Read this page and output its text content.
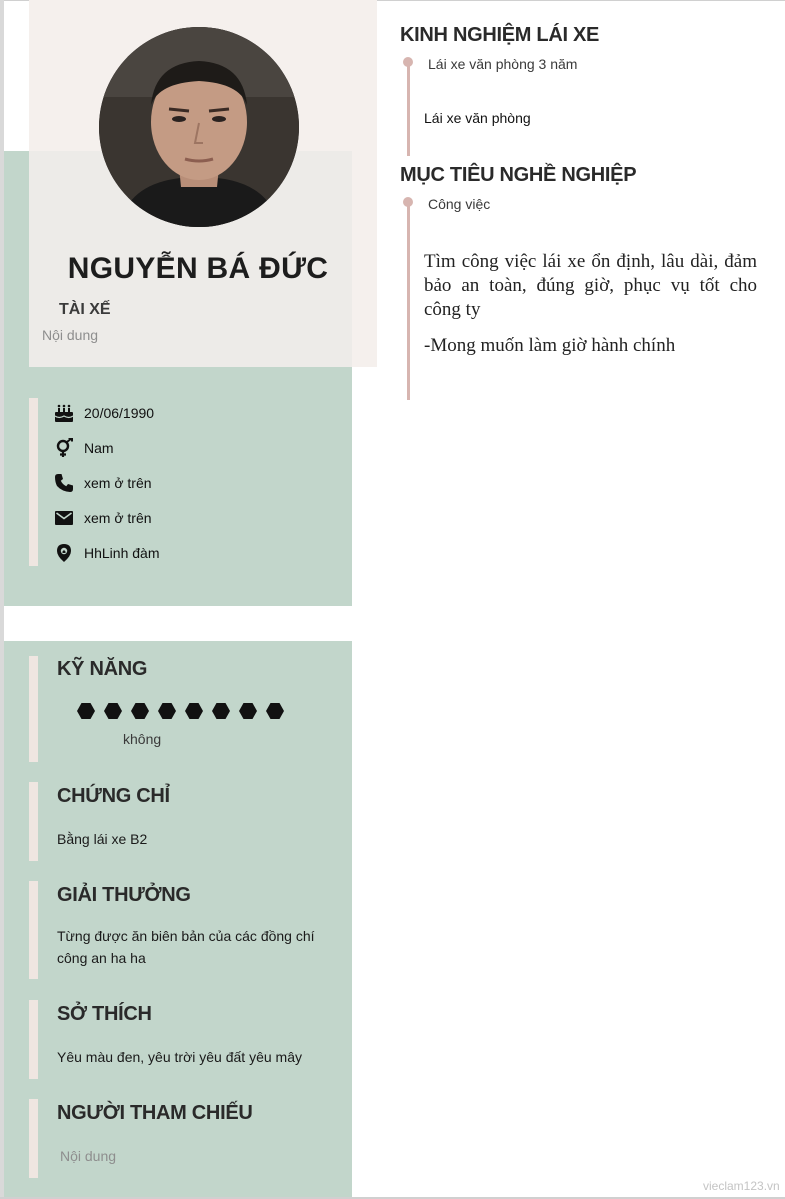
NGUYỄN BÁ ĐỨC
TÀI XẾ
Nội dung
20/06/1990
Nam
xem ở trên
xem ở trên
HhLinh đàm
KỸ NĂNG
không
CHỨNG CHỈ
Bằng lái xe B2
GIẢI THƯỞNG
Từng được ăn biên bản của các đồng chí công an ha ha
SỞ THÍCH
Yêu màu đen, yêu trời yêu đất yêu mây
NGƯỜI THAM CHIẾU
Nội dung
KINH NGHIỆM LÁI XE
Lái xe văn phòng 3 năm
Lái xe văn phòng
MỤC TIÊU NGHỀ NGHIỆP
Công việc
Tìm công việc lái xe ổn định, lâu dài, đảm bảo an toàn, đúng giờ, phục vụ tốt cho công ty
-Mong muốn làm giờ hành chính
vieclam123.vn
